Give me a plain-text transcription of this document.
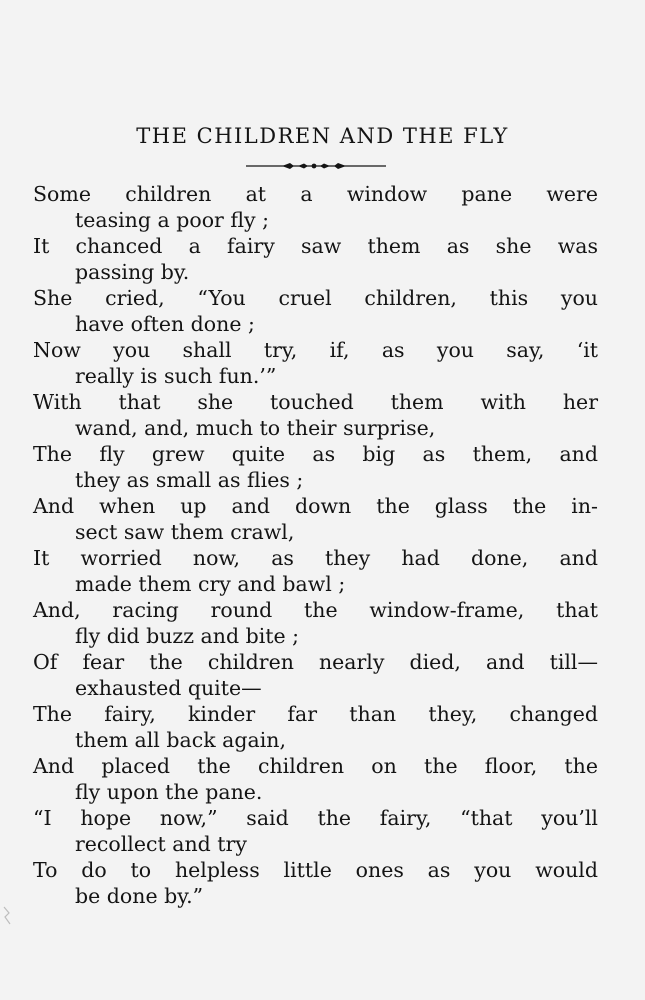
THE CHILDREN AND THE FLY
Some children at a window pane were
teasing a poor fly ;
It chanced a fairy saw them as she was
passing by.
She cried, “You cruel children, this you
have often done ;
Now you shall try, if, as you say, ‘it
really is such fun.’”
With that she touched them with her
wand, and, much to their surprise,
The fly grew quite as big as them, and
they as small as flies ;
And when up and down the glass the in-
sect saw them crawl,
It worried now, as they had done, and
made them cry and bawl ;
And, racing round the window-frame, that
fly did buzz and bite ;
Of fear the children nearly died, and till—
exhausted quite—
The fairy, kinder far than they, changed
them all back again,
And placed the children on the floor, the
fly upon the pane.
“I hope now,” said the fairy, “that you’ll
recollect and try
To do to helpless little ones as you would
be done by.”
